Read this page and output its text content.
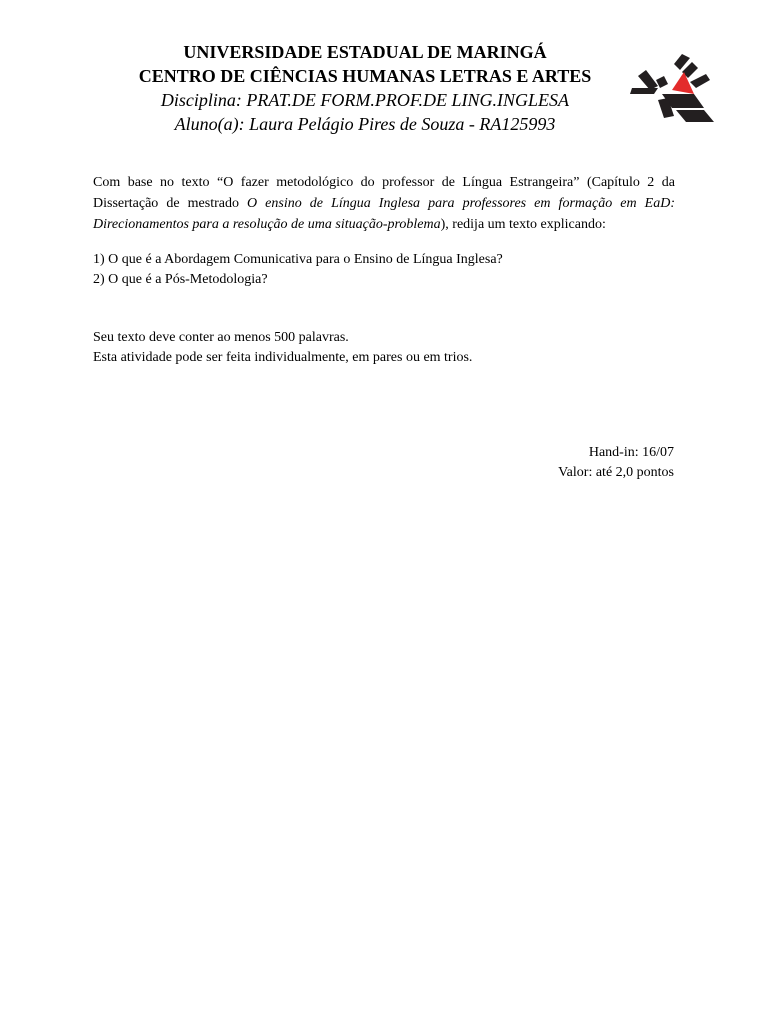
UNIVERSIDADE ESTADUAL DE MARINGÁ
CENTRO DE CIÊNCIAS HUMANAS LETRAS E ARTES
Disciplina: PRAT.DE FORM.PROF.DE LING.INGLESA
Aluno(a): Laura Pelágio Pires de Souza - RA125993

Com base no texto “O fazer metodológico do professor de Língua Estrangeira” (Capítulo 2 da Dissertação de mestrado O ensino de Língua Inglesa para professores em formação em EaD: Direcionamentos para a resolução de uma situação-problema), redija um texto explicando:

1) O que é a Abordagem Comunicativa para o Ensino de Língua Inglesa?
2) O que é a Pós-Metodologia?
Seu texto deve conter ao menos 500 palavras.
Esta atividade pode ser feita individualmente, em pares ou em trios.
Hand-in: 16/07
Valor: até 2,0 pontos
